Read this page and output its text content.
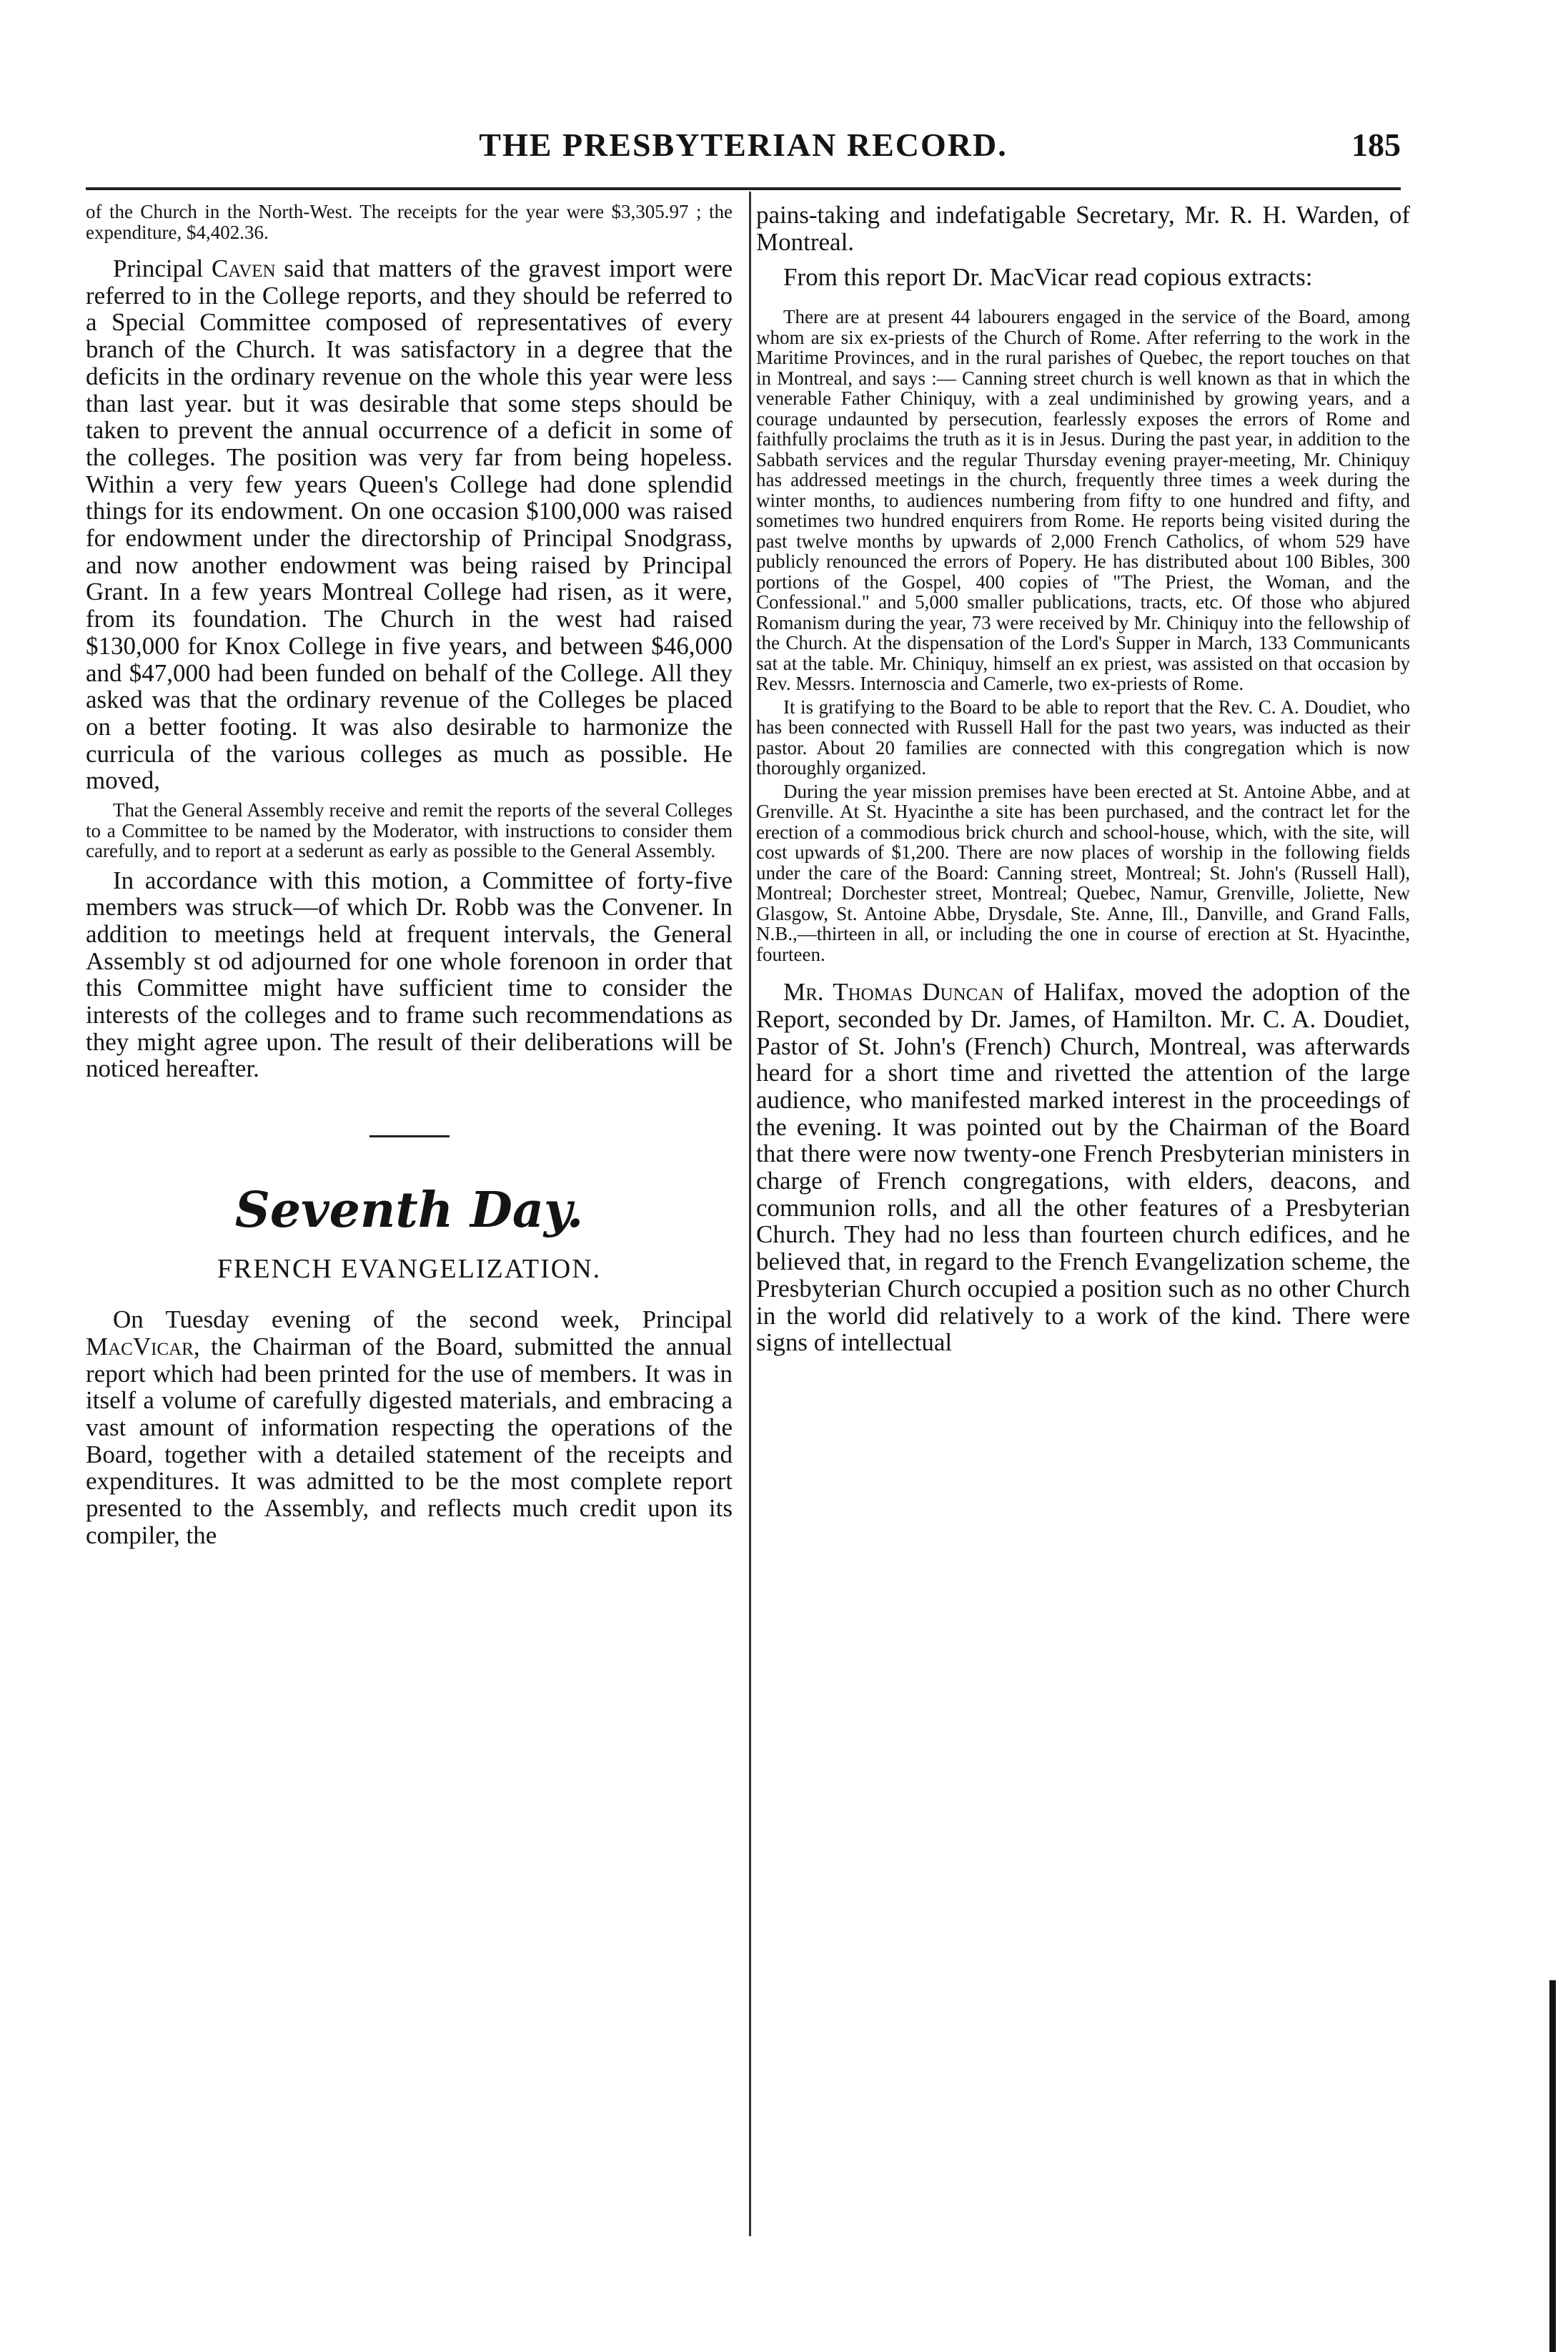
THE PRESBYTERIAN RECORD.	185

of the Church in the North-West. The receipts for the year were $3,305.97 ; the expenditure, $4,402.36.

Principal Caven said that matters of the gravest import were referred to in the College reports, and they should be referred to a Special Committee composed of representatives of every branch of the Church. It was satisfactory in a degree that the deficits in the ordinary revenue on the whole this year were less than last year. but it was desirable that some steps should be taken to prevent the annual occurrence of a deficit in some of the colleges. The position was very far from being hopeless. Within a very few years Queen's College had done splendid things for its endowment. On one occasion $100,000 was raised for endowment under the directorship of Principal Snodgrass, and now another endowment was being raised by Principal Grant. In a few years Montreal College had risen, as it were, from its foundation. The Church in the west had raised $130,000 for Knox College in five years, and between $46,000 and $47,000 had been funded on behalf of the College. All they asked was that the ordinary revenue of the Colleges be placed on a better footing. It was also desirable to harmonize the curricula of the various colleges as much as possible. He moved,

That the General Assembly receive and remit the reports of the several Colleges to a Committee to be named by the Moderator, with instructions to consider them carefully, and to report at a sederunt as early as possible to the General Assembly.

In accordance with this motion, a Committee of forty-five members was struck—of which Dr. Robb was the Convener. In addition to meetings held at frequent intervals, the General Assembly st od adjourned for one whole forenoon in order that this Committee might have sufficient time to consider the interests of the colleges and to frame such recommendations as they might agree upon. The result of their deliberations will be noticed hereafter.

Seventh Day.
FRENCH EVANGELIZATION.

On Tuesday evening of the second week, Principal MacVicar, the Chairman of the Board, submitted the annual report which had been printed for the use of members. It was in itself a volume of carefully digested materials, and embracing a vast amount of information respecting the operations of the Board, together with a detailed statement of the receipts and expenditures. It was admitted to be the most complete report presented to the Assembly, and reflects much credit upon its compiler, the

pains-taking and indefatigable Secretary, Mr. R. H. Warden, of Montreal.

From this report Dr. MacVicar read copious extracts:

There are at present 44 labourers engaged in the service of the Board, among whom are six ex-priests of the Church of Rome. After referring to the work in the Maritime Provinces, and in the rural parishes of Quebec, the report touches on that in Montreal, and says :— Canning street church is well known as that in which the venerable Father Chiniquy, with a zeal undiminished by growing years, and a courage undaunted by persecution, fearlessly exposes the errors of Rome and faithfully proclaims the truth as it is in Jesus. During the past year, in addition to the Sabbath services and the regular Thursday evening prayer-meeting, Mr. Chiniquy has addressed meetings in the church, frequently three times a week during the winter months, to audiences numbering from fifty to one hundred and fifty, and sometimes two hundred enquirers from Rome. He reports being visited during the past twelve months by upwards of 2,000 French Catholics, of whom 529 have publicly renounced the errors of Popery. He has distributed about 100 Bibles, 300 portions of the Gospel, 400 copies of "The Priest, the Woman, and the Confessional." and 5,000 smaller publications, tracts, etc. Of those who abjured Romanism during the year, 73 were received by Mr. Chiniquy into the fellowship of the Church. At the dispensation of the Lord's Supper in March, 133 Communicants sat at the table. Mr. Chiniquy, himself an ex priest, was assisted on that occasion by Rev. Messrs. Internoscia and Camerle, two ex-priests of Rome.

It is gratifying to the Board to be able to report that the Rev. C. A. Doudiet, who has been connected with Russell Hall for the past two years, was inducted as their pastor. About 20 families are connected with this congregation which is now thoroughly organized.

During the year mission premises have been erected at St. Antoine Abbe, and at Grenville. At St. Hyacinthe a site has been purchased, and the contract let for the erection of a commodious brick church and school-house, which, with the site, will cost upwards of $1,200. There are now places of worship in the following fields under the care of the Board: Canning street, Montreal; St. John's (Russell Hall), Montreal; Dorchester street, Montreal; Quebec, Namur, Grenville, Joliette, New Glasgow, St. Antoine Abbe, Drysdale, Ste. Anne, Ill., Danville, and Grand Falls, N.B.,—thirteen in all, or including the one in course of erection at St. Hyacinthe, fourteen.

Mr. Thomas Duncan of Halifax, moved the adoption of the Report, seconded by Dr. James, of Hamilton. Mr. C. A. Doudiet, Pastor of St. John's (French) Church, Montreal, was afterwards heard for a short time and rivetted the attention of the large audience, who manifested marked interest in the proceedings of the evening. It was pointed out by the Chairman of the Board that there were now twenty-one French Presbyterian ministers in charge of French congregations, with elders, deacons, and communion rolls, and all the other features of a Presbyterian Church. They had no less than fourteen church edifices, and he believed that, in regard to the French Evangelization scheme, the Presbyterian Church occupied a position such as no other Church in the world did relatively to a work of the kind. There were signs of intellectual
